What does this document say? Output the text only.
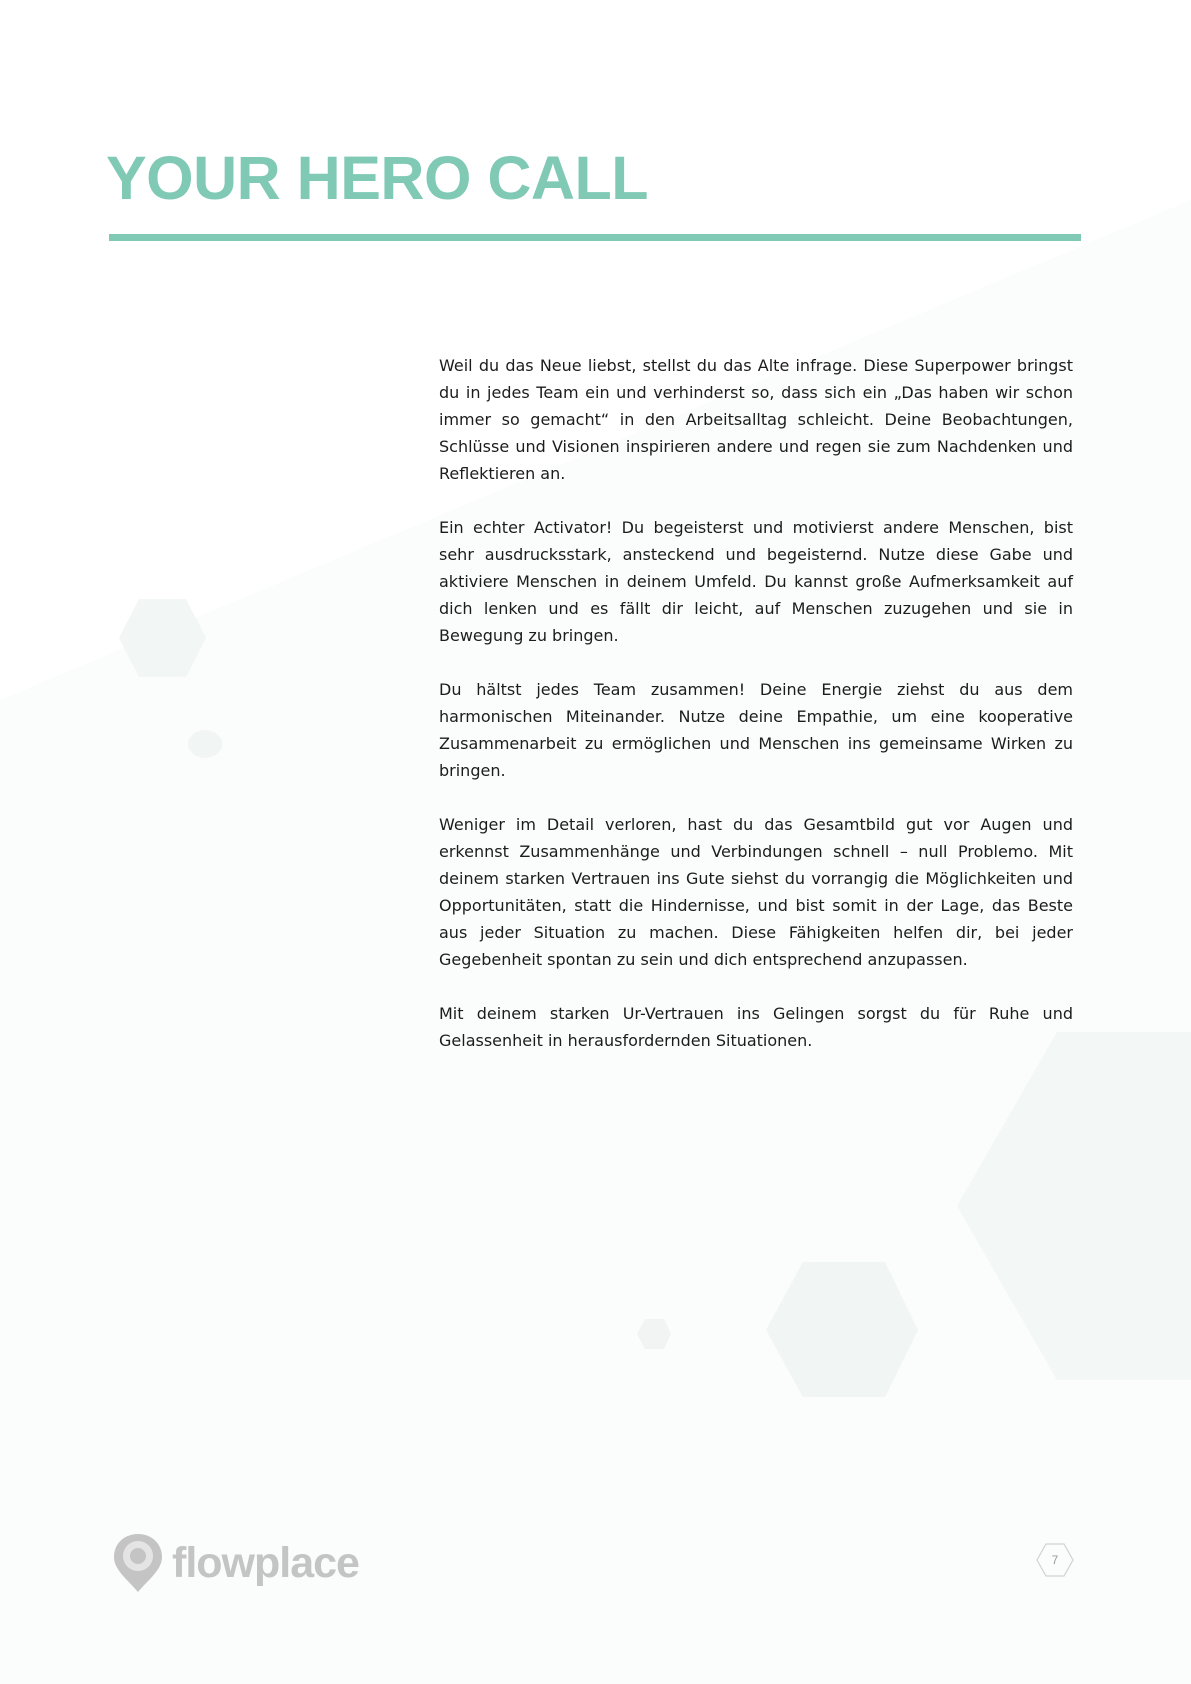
YOUR HERO CALL

Weil du das Neue liebst, stellst du das Alte infrage. Diese Superpower bringst du in jedes Team ein und verhinderst so, dass sich ein „Das haben wir schon immer so gemacht“ in den Arbeitsalltag schleicht. Deine Beobachtungen, Schlüsse und Visionen inspirieren andere und regen sie zum Nachdenken und Reflektieren an.

Ein echter Activator! Du begeisterst und motivierst andere Menschen, bist sehr ausdrucksstark, ansteckend und begeisternd. Nutze diese Gabe und aktiviere Menschen in deinem Umfeld. Du kannst große Aufmerksamkeit auf dich lenken und es fällt dir leicht, auf Menschen zuzugehen und sie in Bewegung zu bringen.

Du hältst jedes Team zusammen! Deine Energie ziehst du aus dem harmonischen Miteinander. Nutze deine Empathie, um eine kooperative Zusammenarbeit zu ermöglichen und Menschen ins gemeinsame Wirken zu bringen.

Weniger im Detail verloren, hast du das Gesamtbild gut vor Augen und erkennst Zusammenhänge und Verbindungen schnell – null Problemo. Mit deinem starken Vertrauen ins Gute siehst du vorrangig die Möglichkeiten und Opportunitäten, statt die Hindernisse, und bist somit in der Lage, das Beste aus jeder Situation zu machen. Diese Fähigkeiten helfen dir, bei jeder Gegebenheit spontan zu sein und dich entsprechend anzupassen.

Mit deinem starken Ur-Vertrauen ins Gelingen sorgst du für Ruhe und Gelassenheit in herausfordernden Situationen.

flowplace	7
